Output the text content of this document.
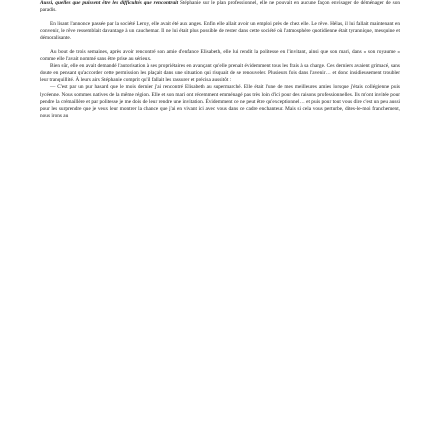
Aussi, quelles que puissent être les difficultés que rencontrait Stéphanie sur le plan professionnel, elle ne pouvait en aucune façon envisager de déménager de son paradis.

En lisant l'annonce passée par la société Leroy, elle avait été aux anges. Enfin elle allait avoir un emploi près de chez elle. Le rêve. Hélas, il lui fallait maintenant en convenir, le rêve ressemblait davantage à un cauchemar. Il ne lui était plus possible de rester dans cette société où l'atmosphère quotidienne était tyrannique, mesquine et démoralisante.

Au bout de trois semaines, après avoir rencontré son amie d'enfance Elisabeth, elle lui rendit la politesse en l'invitant, ainsi que son mari, dans « son royaume » comme elle l'avait nommé sans être prise au sérieux.

Bien sûr, elle en avait demandé l'autorisation à ses propriétaires en avançant qu'elle prenait évidemment tous les frais à sa charge. Ces derniers avaient grimacé, sans doute en pensant qu'accorder cette permission les plaçait dans une situation qui risquait de se renouveler. Plusieurs fois dans l'avenir… et donc insidieusement troubler leur tranquillité. À leurs airs Stéphanie comprit qu'il fallait les rassurer et précisa aussitôt :

— C'est par un pur hasard que le mois dernier j'ai rencontré Elisabeth au supermarché. Elle était l'une de mes meilleures amies lorsque j'étais collégienne puis lycéenne. Nous sommes natives de la même région. Elle et son mari ont récemment emménagé pas très loin d'ici pour des raisons professionnelles. Ils m'ont invitée pour pendre la crémaillère et par politesse je me dois de leur rendre une invitation. Évidemment ce ne peut être qu'exceptionnel… et puis pour tout vous dire c'est un peu aussi pour les surprendre que je veux leur montrer la chance que j'ai en vivant ici avec vous dans ce cadre enchanteur. Mais si cela vous perturbe, dites-le-moi franchement, nous irons au
